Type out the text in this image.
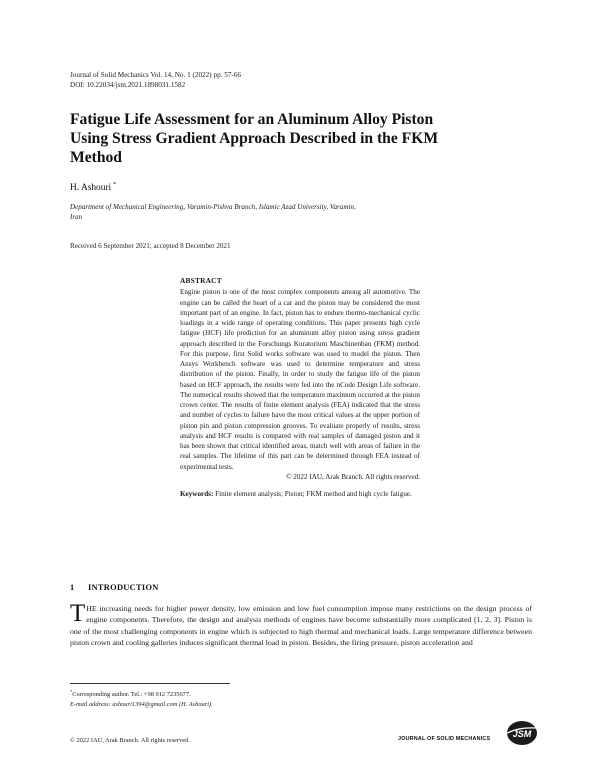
Journal of Solid Mechanics Vol. 14, No. 1 (2022) pp. 57-66
DOI: 10.22034/jsm.2021.1898031.1582
Fatigue Life Assessment for an Aluminum Alloy Piston
Using Stress Gradient Approach Described in the FKM
Method
H. Ashouri *
Department of Mechanical Engineering, Varamin-Pishva Branch, Islamic Azad University, Varamin,
Iran
Received 6 September 2021; accepted 8 December 2021
ABSTRACT
Engine piston is one of the most complex components among all automotive. The engine can be called the heart of a car and the piston may be considered the most important part of an engine. In fact, piston has to endure thermo-mechanical cyclic loadings in a wide range of operating conditions. This paper presents high cycle fatigue (HCF) life prediction for an aluminum alloy piston using stress gradient approach described in the Forschungs Kuratorium Maschinenbau (FKM) method. For this purpose, first Solid works software was used to model the piston. Then Ansys Workbench software was used to determine temperature and stress distribution of the piston. Finally, in order to study the fatigue life of the piston based on HCF approach, the results were fed into the nCode Design Life software. The numerical results showed that the temperature maximum occurred at the piston crown center. The results of finite element analysis (FEA) indicated that the stress and number of cycles to failure have the most critical values at the upper portion of piston pin and piston compression grooves. To evaluate properly of results, stress analysis and HCF results is compared with real samples of damaged piston and it has been shown that critical identified areas, match well with areas of failure in the real samples. The lifetime of this part can be determined through FEA instead of experimental tests.
© 2022 IAU, Arak Branch. All rights reserved.
Keywords: Finite element analysis; Piston; FKM method and high cycle fatigue.
1 INTRODUCTION
THE increasing needs for higher power density, low emission and low fuel consumption impose many restrictions on the design process of engine components. Therefore, the design and analysis methods of engines have become substantially more complicated [1, 2, 3]. Piston is one of the most challenging components in engine which is subjected to high thermal and mechanical loads. Large temperature difference between piston crown and cooling galleries induces significant thermal load in piston. Besides, the firing pressure, piston acceleration and
*Corresponding author. Tel.: +98 912 7235677.
E-mail address: ashouri1394@gmail.com (H. Ashouri).
© 2022 IAU, Arak Branch. All rights reserved.	JOURNAL OF SOLID MECHANICS JSM
